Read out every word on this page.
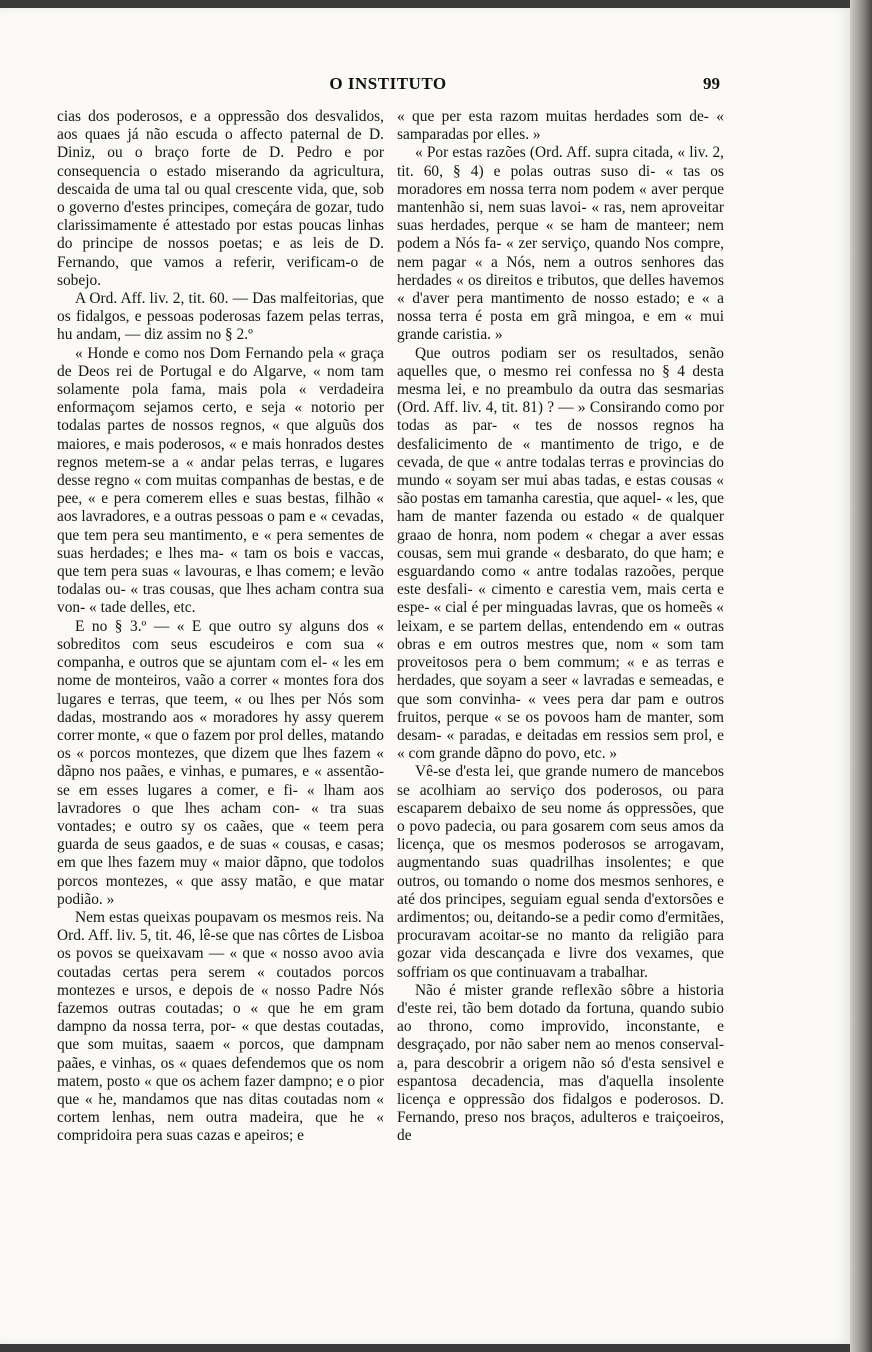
O INSTITUTO	99

cias dos poderosos, e a oppressão dos desvalidos, aos quaes já não escuda o affecto paternal de D. Diniz, ou o braço forte de D. Pedro e por consequencia o estado miserando da agricultura, descaida de uma tal ou qual crescente vida, que, sob o governo d'estes principes, começára de gozar, tudo clarissimamente é attestado por estas poucas linhas do principe de nossos poetas; e as leis de D. Fernando, que vamos a referir, verificam-o de sobejo.

A Ord. Aff. liv. 2, tit. 60. — Das malfeitorias, que os fidalgos, e pessoas poderosas fazem pelas terras, hu andam, — diz assim no § 2.º

« Honde e como nos Dom Fernando pela « graça de Deos rei de Portugal e do Algarve, « nom tam solamente pola fama, mais pola « verdadeira enformaçom sejamos certo, e seja « notorio per todalas partes de nossos regnos, « que alguũs dos maiores, e mais poderosos, « e mais honrados destes regnos metem-se a « andar pelas terras, e lugares desse regno « com muitas companhas de bestas, e de pee, « e pera comerem elles e suas bestas, filhão « aos lavradores, e a outras pessoas o pam e « cevadas, que tem pera seu mantimento, e « pera sementes de suas herdades; e lhes ma- « tam os bois e vaccas, que tem pera suas « lavouras, e lhas comem; e levão todalas ou- « tras cousas, que lhes acham contra sua von- « tade delles, etc.

E no § 3.º — « E que outro sy alguns dos « sobreditos com seus escudeiros e com sua « companha, e outros que se ajuntam com el- « les em nome de monteiros, vaão a correr « montes fora dos lugares e terras, que teem, « ou lhes per Nós som dadas, mostrando aos « moradores hy assy querem correr monte, « que o fazem por prol delles, matando os « porcos montezes, que dizem que lhes fazem « dãpno nos paães, e vinhas, e pumares, e « assentão-se em esses lugares a comer, e fi- « lham aos lavradores o que lhes acham con- « tra suas vontades; e outro sy os caães, que « teem pera guarda de seus gaados, e de suas « cousas, e casas; em que lhes fazem muy « maior dãpno, que todolos porcos montezes, « que assy matão, e que matar podião. »

Nem estas queixas poupavam os mesmos reis. Na Ord. Aff. liv. 5, tit. 46, lê-se que nas côrtes de Lisboa os povos se queixavam — « que « nosso avoo avia coutadas certas pera serem « coutados porcos montezes e ursos, e depois de « nosso Padre Nós fazemos outras coutadas; o « que he em gram dampno da nossa terra, por- « que destas coutadas, que som muitas, saaem « porcos, que dampnam paães, e vinhas, os « quaes defendemos que os nom matem, posto « que os achem fazer dampno; e o pior que « he, mandamos que nas ditas coutadas nom « cortem lenhas, nem outra madeira, que he « compridoira pera suas cazas e apeiros; e

« que per esta razom muitas herdades som de- « samparadas por elles. »

« Por estas razões (Ord. Aff. supra citada, « liv. 2, tit. 60, § 4) e polas outras suso di- « tas os moradores em nossa terra nom podem « aver perque mantenhão si, nem suas lavoi- « ras, nem aproveitar suas herdades, perque « se ham de manteer; nem podem a Nós fa- « zer serviço, quando Nos compre, nem pagar « a Nós, nem a outros senhores das herdades « os direitos e tributos, que delles havemos « d'aver pera mantimento de nosso estado; e « a nossa terra é posta em grã mingoa, e em « mui grande caristia. »

Que outros podiam ser os resultados, senão aquelles que, o mesmo rei confessa no § 4 desta mesma lei, e no preambulo da outra das sesmarias (Ord. Aff. liv. 4, tit. 81) ? — » Consirando como por todas as par- « tes de nossos regnos ha desfalicimento de « mantimento de trigo, e de cevada, de que « antre todalas terras e provincias do mundo « soyam ser mui abas tadas, e estas cousas « são postas em tamanha carestia, que aquel- « les, que ham de manter fazenda ou estado « de qualquer graao de honra, nom podem « chegar a aver essas cousas, sem mui grande « desbarato, do que ham; e esguardando como « antre todalas razoões, perque este desfali- « cimento e carestia vem, mais certa e espe- « cial é per minguadas lavras, que os homeẽs « leixam, e se partem dellas, entendendo em « outras obras e em outros mestres que, nom « som tam proveitosos pera o bem commum; « e as terras e herdades, que soyam a seer « lavradas e semeadas, e que som convinha- « vees pera dar pam e outros fruitos, perque « se os povoos ham de manter, som desam- « paradas, e deitadas em ressios sem prol, e « com grande dãpno do povo, etc. »

Vê-se d'esta lei, que grande numero de mancebos se acolhiam ao serviço dos poderosos, ou para escaparem debaixo de seu nome ás oppressões, que o povo padecia, ou para gosarem com seus amos da licença, que os mesmos poderosos se arrogavam, augmentando suas quadrilhas insolentes; e que outros, ou tomando o nome dos mesmos senhores, e até dos principes, seguiam egual senda d'extorsões e ardimentos; ou, deitando-se a pedir como d'ermitães, procuravam acoitar-se no manto da religião para gozar vida descançada e livre dos vexames, que soffriam os que continuavam a trabalhar.

Não é mister grande reflexão sôbre a historia d'este rei, tão bem dotado da fortuna, quando subio ao throno, como improvido, inconstante, e desgraçado, por não saber nem ao menos conserval-a, para descobrir a origem não só d'esta sensivel e espantosa decadencia, mas d'aquella insolente licença e oppressão dos fidalgos e poderosos. D. Fernando, preso nos braços, adulteros e traiçoeiros, de
